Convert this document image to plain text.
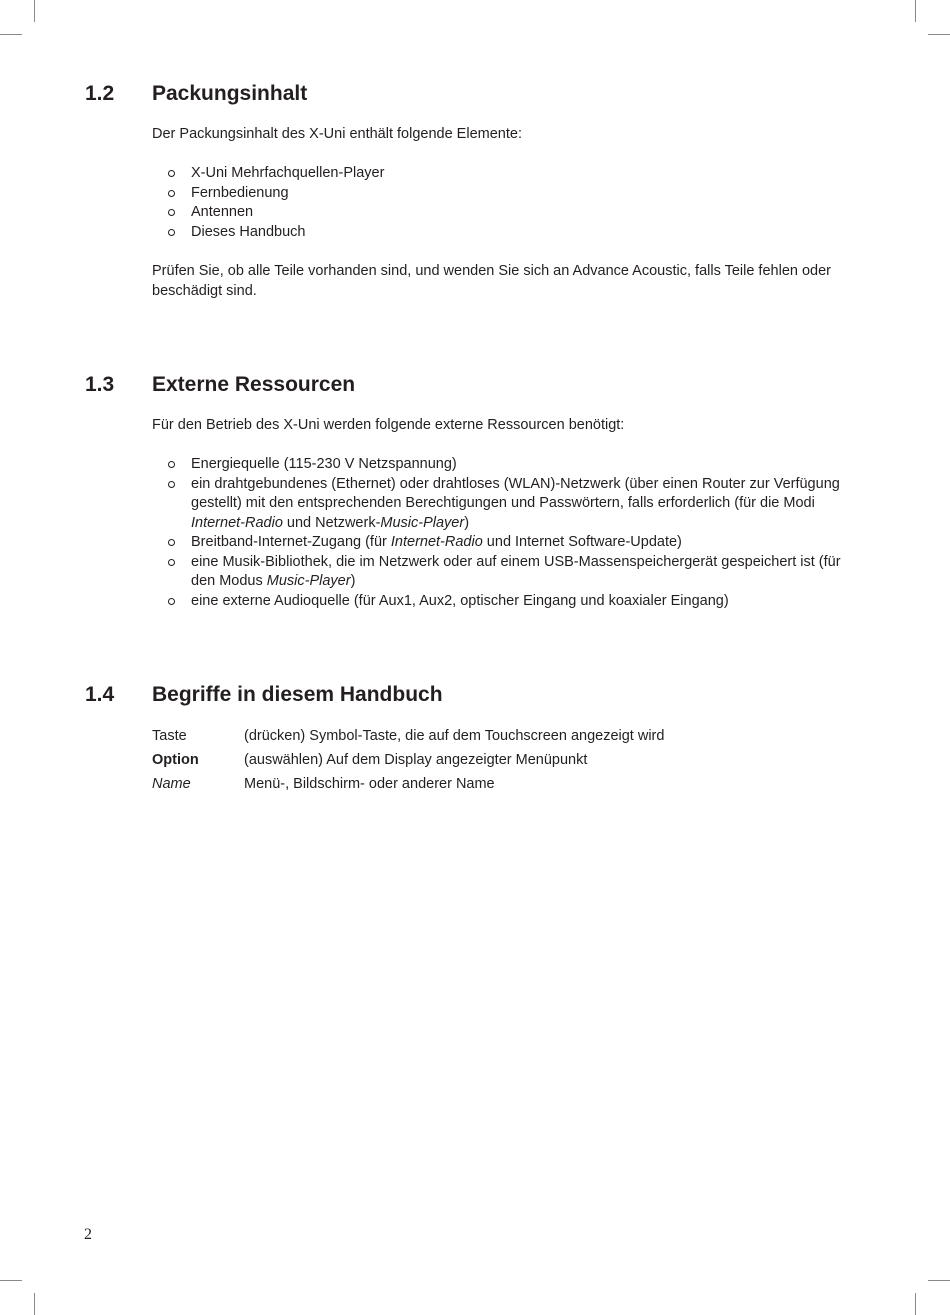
1.2 Packungsinhalt

Der Packungsinhalt des X-Uni enthält folgende Elemente:

X-Uni Mehrfachquellen-Player
Fernbedienung
Antennen
Dieses Handbuch

Prüfen Sie, ob alle Teile vorhanden sind, und wenden Sie sich an Advance Acoustic, falls Teile fehlen oder beschädigt sind.

1.3 Externe Ressourcen

Für den Betrieb des X-Uni werden folgende externe Ressourcen benötigt:

Energiequelle (115-230 V Netzspannung)
ein drahtgebundenes (Ethernet) oder drahtloses (WLAN)-Netzwerk (über einen Router zur Verfügung gestellt) mit den entsprechenden Berechtigungen und Passwörtern, falls erforderlich (für die Modi Internet-Radio und Netzwerk-Music-Player)
Breitband-Internet-Zugang (für Internet-Radio und Internet Software-Update)
eine Musik-Bibliothek, die im Netzwerk oder auf einem USB-Massenspeichergerät gespeichert ist (für den Modus Music-Player)
eine externe Audioquelle (für Aux1, Aux2, optischer Eingang und koaxialer Eingang)
1.4 Begriffe in diesem Handbuch
Taste	(drücken) Symbol-Taste, die auf dem Touchscreen angezeigt wird
Option	(auswählen) Auf dem Display angezeigter Menüpunkt
Name	Menü-, Bildschirm- oder anderer Name
2
